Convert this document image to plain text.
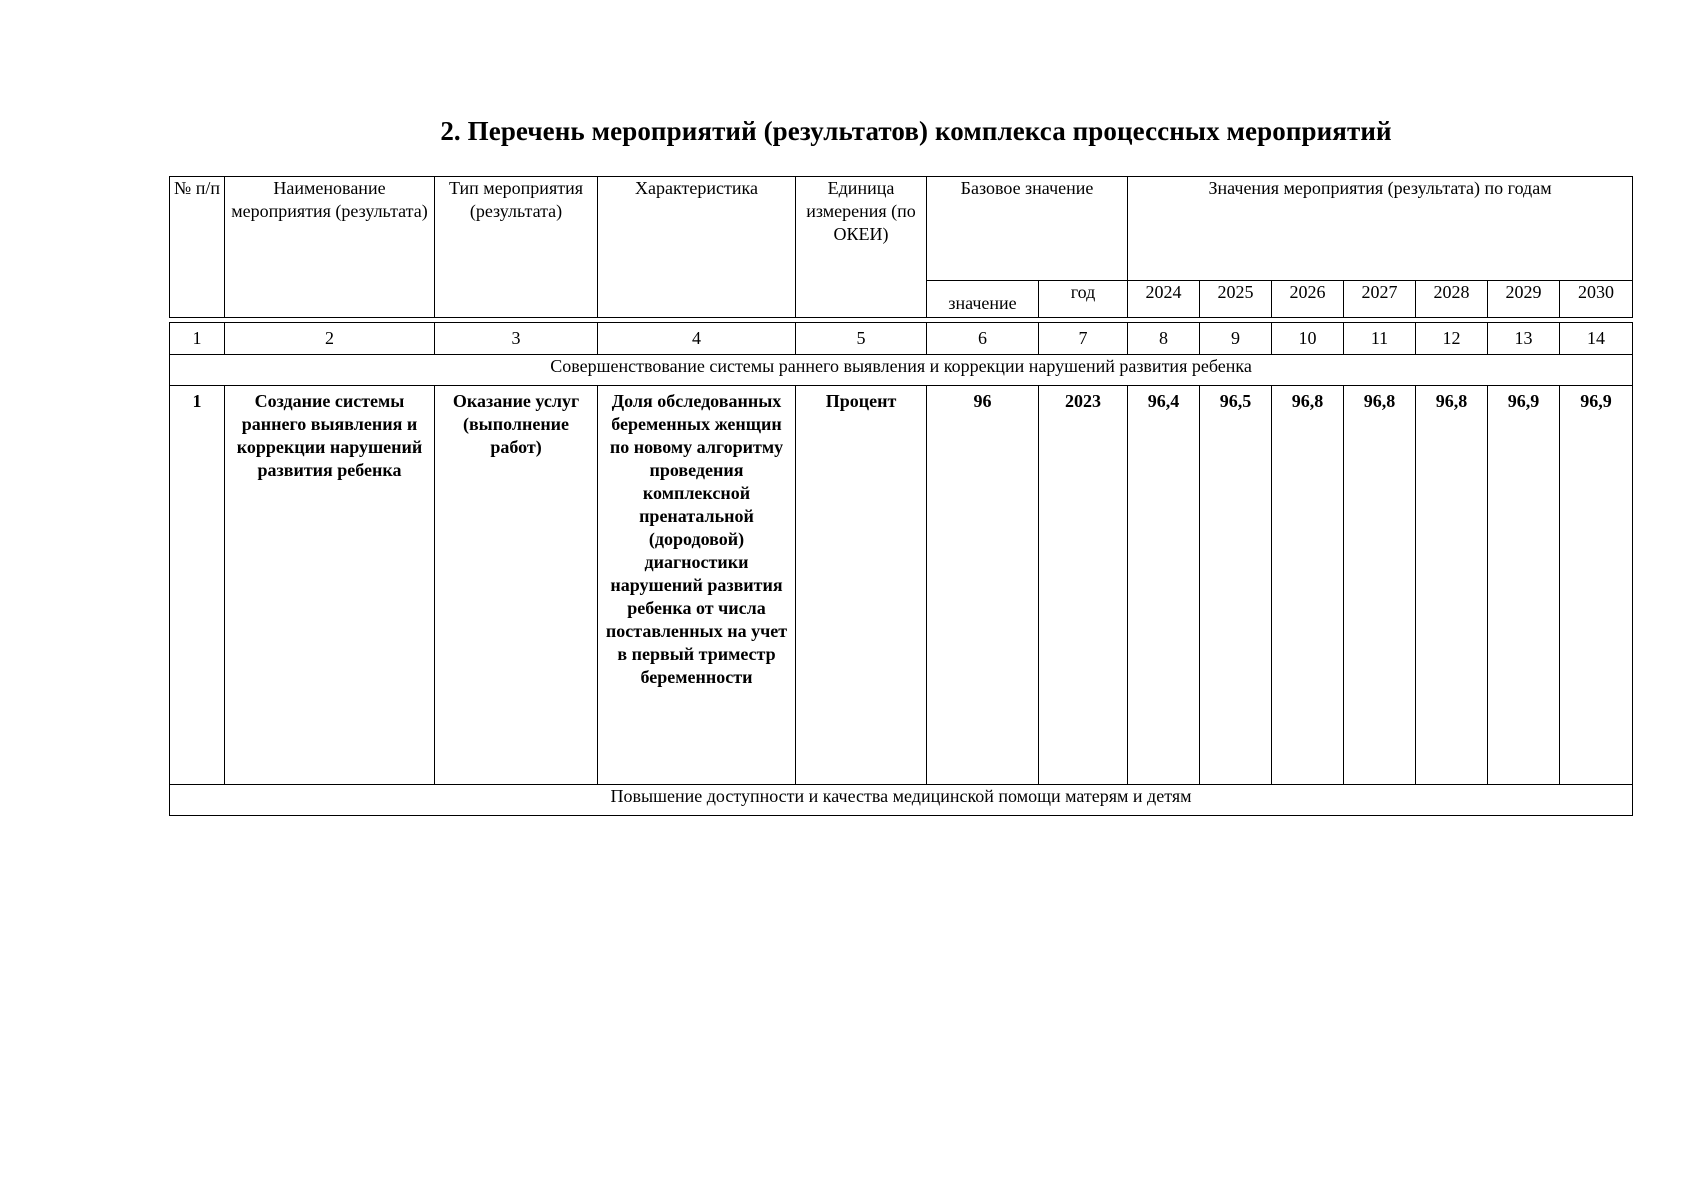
2. Перечень мероприятий (результатов) комплекса процессных мероприятий
№ п/п	Наименование мероприятия (результата)	Тип мероприятия (результата)	Характеристика	Единица измерения (по ОКЕИ)	Базовое значение		Значения мероприятия (результата) по годам						
					значение	год	2024	2025	2026	2027	2028	2029	2030

1	2	3	4	5	6	7	8	9	10	11	12	13	14
Совершенствование системы раннего выявления и коррекции нарушений развития ребенка													
1	Создание системы раннего выявления и коррекции нарушений развития ребенка	Оказание услуг (выполнение работ)	Доля обследованных беременных женщин по новому алгоритму проведения комплексной пренатальной (дородовой) диагностики нарушений развития ребенка от числа поставленных на учет в первый триместр беременности	Процент	96	2023	96,4	96,5	96,8	96,8	96,8	96,9	96,9
Повышение доступности и качества медицинской помощи матерям и детям													
